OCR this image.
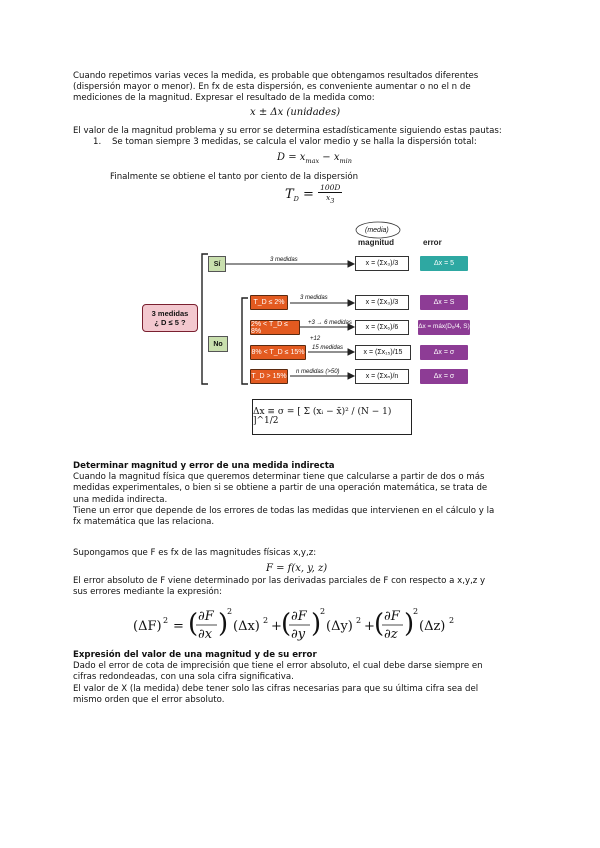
Cuando repetimos varias veces la medida, es probable que obtengamos resultados diferentes
(dispersión mayor o menor). En fx de esta dispersión, es conveniente aumentar o no el n de
mediciones de la magnitud. Expresar el resultado de la medida como:
x ± Δx (unidades)
El valor de la magnitud problema y su error se determina estadísticamente siguiendo estas pautas:
1. Se toman siempre 3 medidas, se calcula el valor medio y se halla la dispersión total:
$D = x_{max} - x_{min}$
Finalmente se obtiene el tanto por ciento de la dispersión
$T_D = \frac{100D}{x3}$
(media)
magnitud	error
3 medidas
¿ D ≤ 5 ?
Sí
3 medidas	x = (Σx₃)/3	Δx = 5
No
T_D ≤ 2%
3 medidas
x = (Σx₃)/3	Δx = S
2% < T_D ≤ 8%
+3 → 6 medidas
x = (Σx₆)/6	Δx = máx(D₆/4, S)
+12
8% < T_D ≤ 15%
15 medidas
x = (Σx₁₅)/15	Δx = σ
T_D > 15%
n medidas (>50)
x = (Σxₙ)/n	Δx = σ
Δx ≡ σ = [ Σ (xᵢ − x̄)² / (N − 1) ]^1/2
Determinar magnitud y error de una medida indirecta
Cuando la magnitud física que queremos determinar tiene que calcularse a partir de dos o más
medidas experimentales, o bien si se obtiene a partir de una operación matemática, se trata de
una medida indirecta.
Tiene un error que depende de los errores de todas las medidas que intervienen en el cálculo y la
fx matemática que las relaciona.
Supongamos que F es fx de las magnitudes físicas x,y,z:
F = f(x, y, z)
El error absoluto de F viene determinado por las derivadas parciales de F con respecto a x,y,z y
sus errores mediante la expresión:
(ΔF) 2 = ( ∂F
∂x )
2
(Δx) 2 + ( ∂F
∂y )
2
(Δy) 2 + ( ∂F
∂z )
2
(Δz) 2
Expresión del valor de una magnitud y de su error
Dado el error de cota de imprecisión que tiene el error absoluto, el cual debe darse siempre en
cifras redondeadas, con una sola cifra significativa.
El valor de X (la medida) debe tener solo las cifras necesarias para que su última cifra sea del
mismo orden que el error absoluto.
